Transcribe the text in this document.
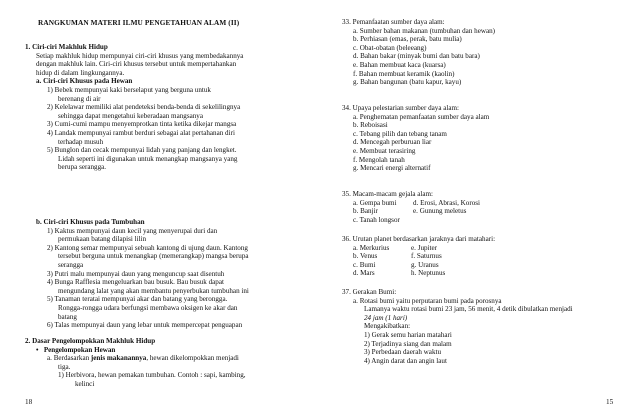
RANGKUMAN MATERI ILMU PENGETAHUAN ALAM (II)

1. Ciri-ciri Makhluk Hidup

Setiap makhluk hidup mempunyai ciri-ciri khusus yang membedakannya

dengan makhluk lain. Ciri-ciri khusus tersebut untuk mempertahankan

hidup di dalam lingkungannya.

a. Ciri-ciri Khusus pada Hewan

1) Bebek mempunyai kaki berselaput yang berguna untuk

berenang di air

2) Kelelawar memiliki alat pendeteksi benda-benda di sekelilingnya

sehingga dapat mengetahui keberadaan mangsanya

3) Cumi-cumi mampu menyemprotkan tinta ketika dikejar mangsa

4) Landak mempunyai rambut berduri sebagai alat pertahanan diri

terhadap musuh

5) Bunglon dan cecak mempunyai lidah yang panjang dan lengket.

Lidah seperti ini digunakan untuk menangkap mangsanya yang

berupa serangga.

b. Ciri-ciri Khusus pada Tumbuhan

1) Kaktus mempunyai daun kecil yang menyerupai duri dan

permukaan batang dilapisi lilin

2) Kantong semar mempunyai sebuah kantong di ujung daun. Kantong

tersebut berguna untuk menangkap (memerangkap) mangsa berupa

serangga

3) Putri malu mempunyai daun yang menguncup saat disentuh

4) Bunga Rafflesia mengeluarkan bau busuk. Bau busuk dapat

mengundang lalat yang akan membantu penyerbukan tumbuhan ini

5) Tanaman teratai mempunyai akar dan batang yang berongga.

Rongga-rongga udara berfungsi membawa oksigen ke akar dan

batang

6) Talas mempunyai daun yang lebar untuk mempercepat penguapan

2. Dasar Pengelompokkan Makhluk Hidup

• Pengelompokan Hewan

a. Berdasarkan jenis makanannya, hewan dikelompokkan menjadi

tiga.

1) Herbivora, hewan pemakan tumbuhan. Contoh : sapi, kambing,

kelinci

33. Pemanfaatan sumber daya alam:

a. Sumber bahan makanan (tumbuhan dan hewan)

b. Perhiasan (emas, perak, batu mulia)

c. Obat-obatan (beleeang)

d. Bahan bakar (minyak bumi dan batu bara)

e. Bahan membuat kaca (kuarsa)

f. Bahan membuat keramik (kaolin)

g. Bahan bangunan (batu kapur, kayu)

34. Upaya pelestarian sumber daya alam:

a. Penghematan pemanfaatan sumber daya alam

b. Reboisasi

c. Tebang pilih dan tebang tanam

d. Mencegah perburuan liar

e. Membuat terasiring

f. Mengolah tanah

g. Mencari energi alternatif

35. Macam-macam gejala alam:

a. Gempa bumi

b. Banjir

c. Tanah longsor

d. Erosi, Abrasi, Korosi

e. Gunung meletus

36. Urutan planet berdasarkan jaraknya dari matahari:

a. Merkurius

b. Venus

c. Bumi

d. Mars

e. Jupiter

f. Saturnus

g. Uranus

h. Neptunus

37. Gerakan Bumi:

a. Rotasi bumi yaitu perputaran bumi pada porosnya

Lamanya waktu rotasi bumi 23 jam, 56 menit, 4 detik dibulatkan menjadi

24 jam (1 hari)

Mengakibatkan:

1) Gerak semu harian matahari

2) Terjadinya siang dan malam

3) Perbedaan daerah waktu

4) Angin darat dan angin laut

18	15
